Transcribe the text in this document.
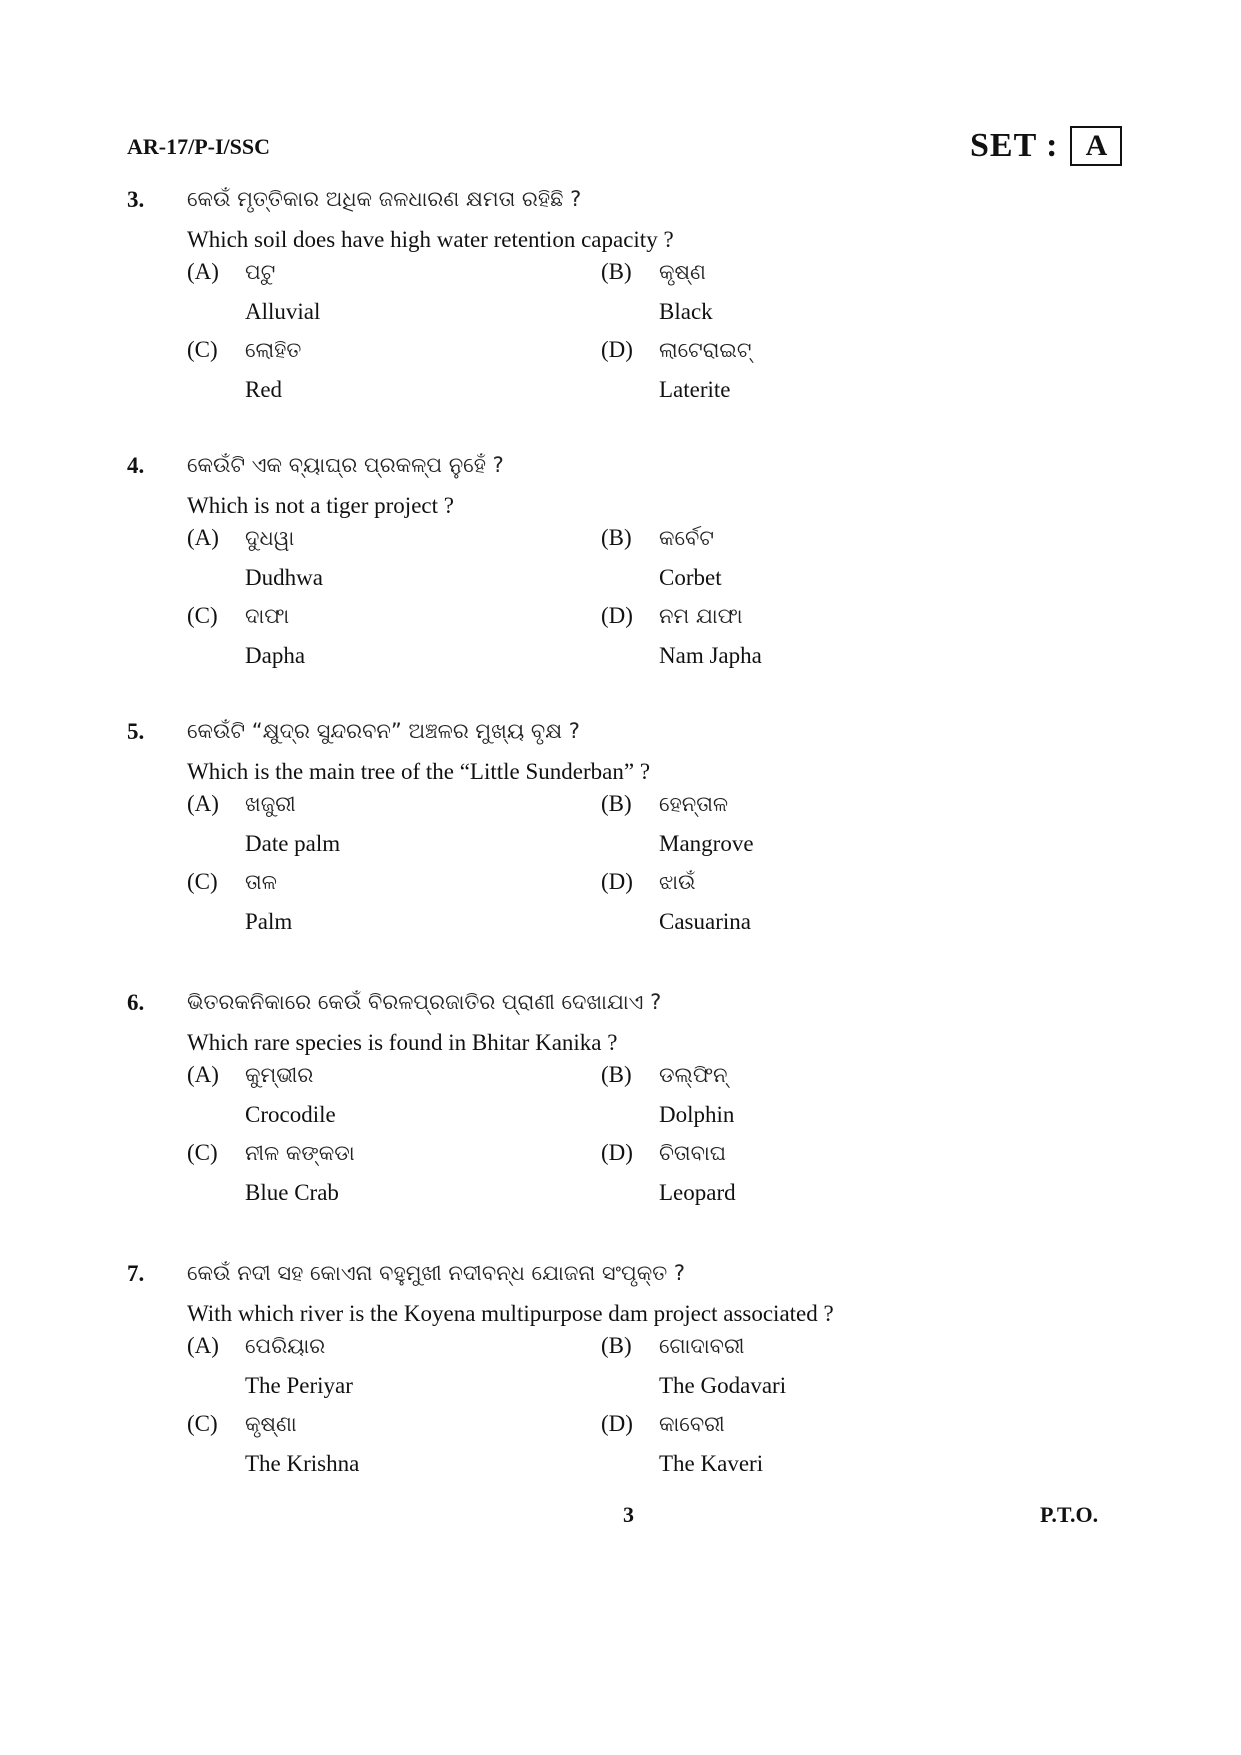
AR-17/P-I/SSC	SET : A
3. କେଉଁ ମୃତ୍ତିକାର ଅଧିକ ଜଳଧାରଣ କ୍ଷମତା ରହିଛି ?
Which soil does have high water retention capacity ?
(A) ପଟୁ
Alluvial
(B) କୃଷ୍ଣ
Black
(C) ଲୋହିତ
Red
(D) ଲାଟେରାଇଟ୍
Laterite
4. କେଉଁଟି ଏକ ବ୍ୟାଘ୍ର ପ୍ରକଳ୍ପ ନୁହେଁ ?
Which is not a tiger project ?
(A) ଦୁଧୱା
Dudhwa
(B) କର୍ବେଟ
Corbet
(C) ଦାଫା
Dapha
(D) ନମ ଯାଫା
Nam Japha
5. କେଉଁଟି “କ୍ଷୁଦ୍ର ସୁନ୍ଦରବନ” ଅଞ୍ଚଳର ମୁଖ୍ୟ ବୃକ୍ଷ ?
Which is the main tree of the “Little Sunderban” ?
(A) ଖଜୁରୀ
Date palm
(B) ହେନ୍ତାଳ
Mangrove
(C) ତାଳ
Palm
(D) ଝାଉଁ
Casuarina
6. ଭିତରକନିକାରେ କେଉଁ ବିରଳପ୍ରଜାତିର ପ୍ରାଣୀ ଦେଖାଯାଏ ?
Which rare species is found in Bhitar Kanika ?
(A) କୁମ୍ଭୀର
Crocodile
(B) ଡଲ୍‌ଫିନ୍
Dolphin
(C) ନୀଳ କଙ୍କଡା
Blue Crab
(D) ଚିତାବାଘ
Leopard
7. କେଉଁ ନଦୀ ସହ କୋଏନା ବହୁମୁଖୀ ନଦୀବନ୍ଧ ଯୋଜନା ସଂପୃକ୍ତ ?
With which river is the Koyena multipurpose dam project associated ?
(A) ପେରିୟାର
The Periyar
(B) ଗୋଦାବରୀ
The Godavari
(C) କୃଷ୍ଣା
The Krishna
(D) କାବେରୀ
The Kaveri
3	P.T.O.
